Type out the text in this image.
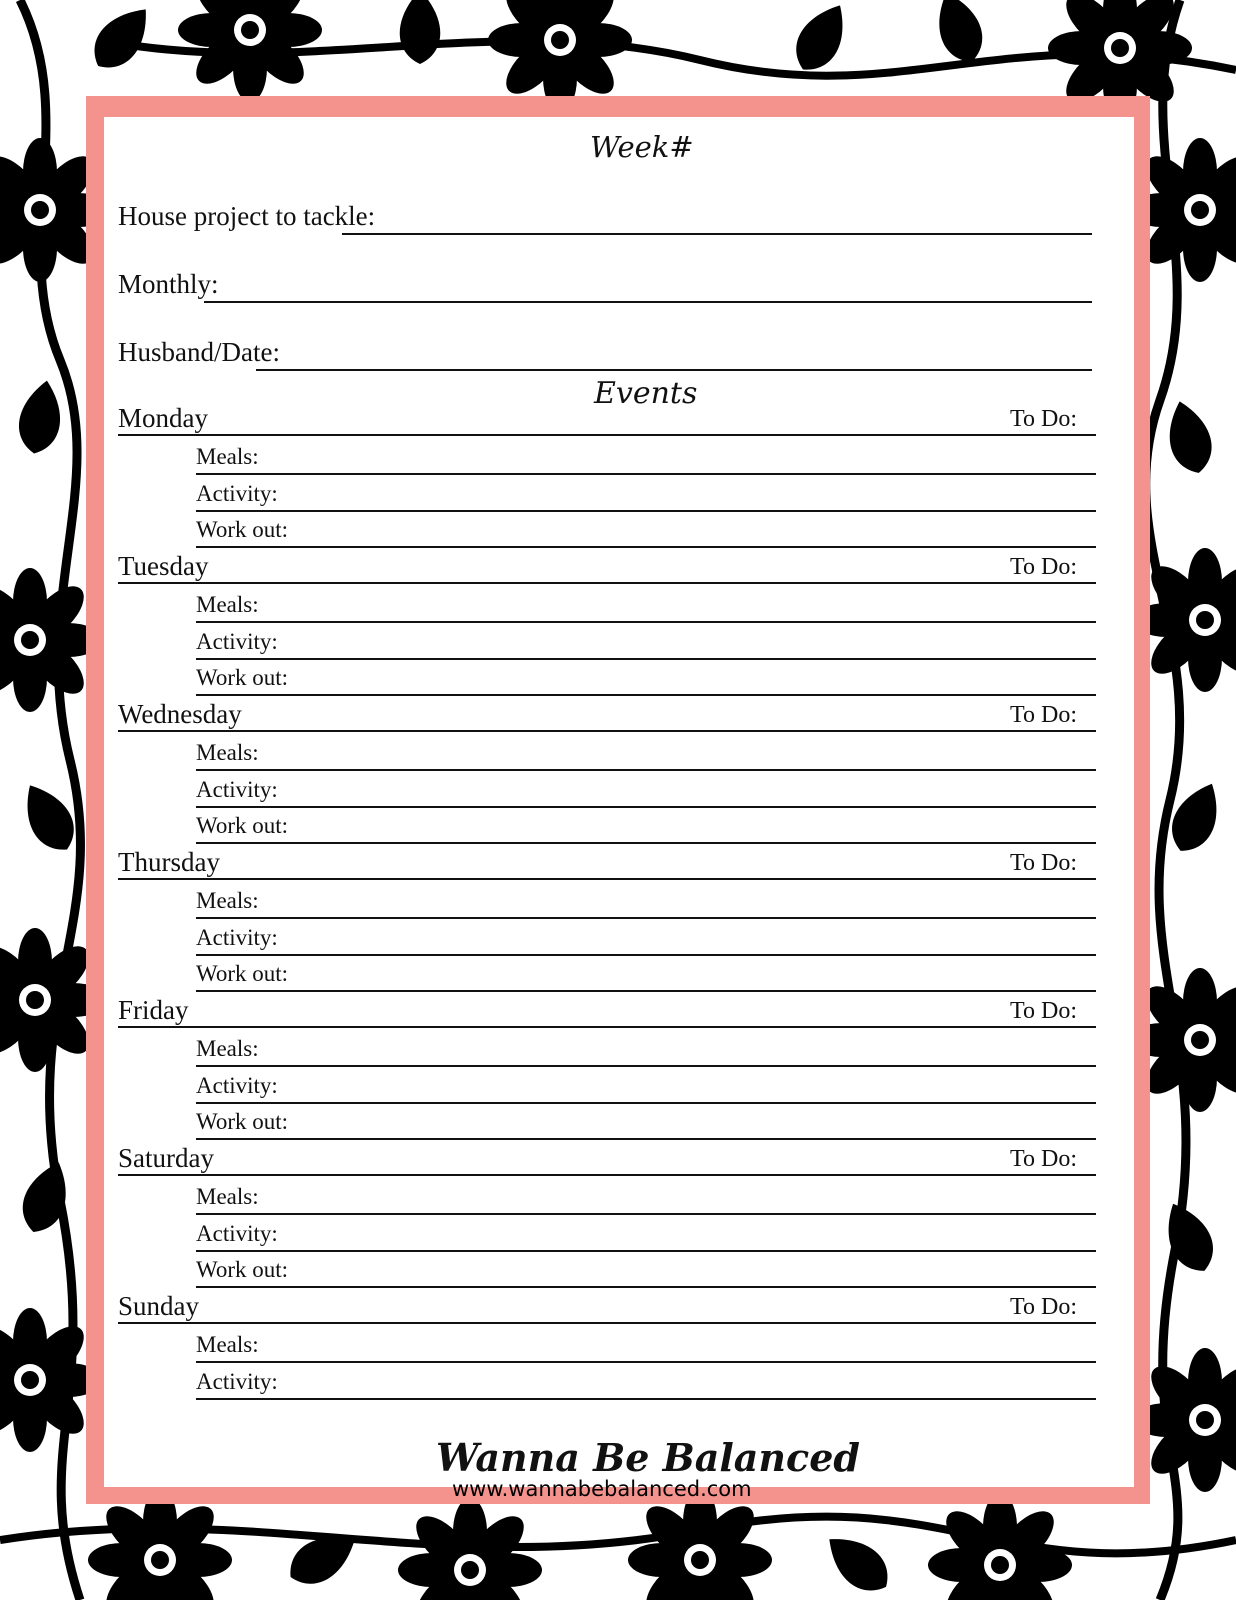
Week#
House project to tackle:
Monthly:
Husband/Date:
Events
Monday	To Do:
Meals:
Activity:
Work out:
Tuesday	To Do:
Meals:
Activity:
Work out:
Wednesday	To Do:
Meals:
Activity:
Work out:
Thursday	To Do:
Meals:
Activity:
Work out:
Friday	To Do:
Meals:
Activity:
Work out:
Saturday	To Do:
Meals:
Activity:
Work out:
Sunday	To Do:
Meals:
Activity:
Wanna Be Balanced
www.wannabebalanced.com
